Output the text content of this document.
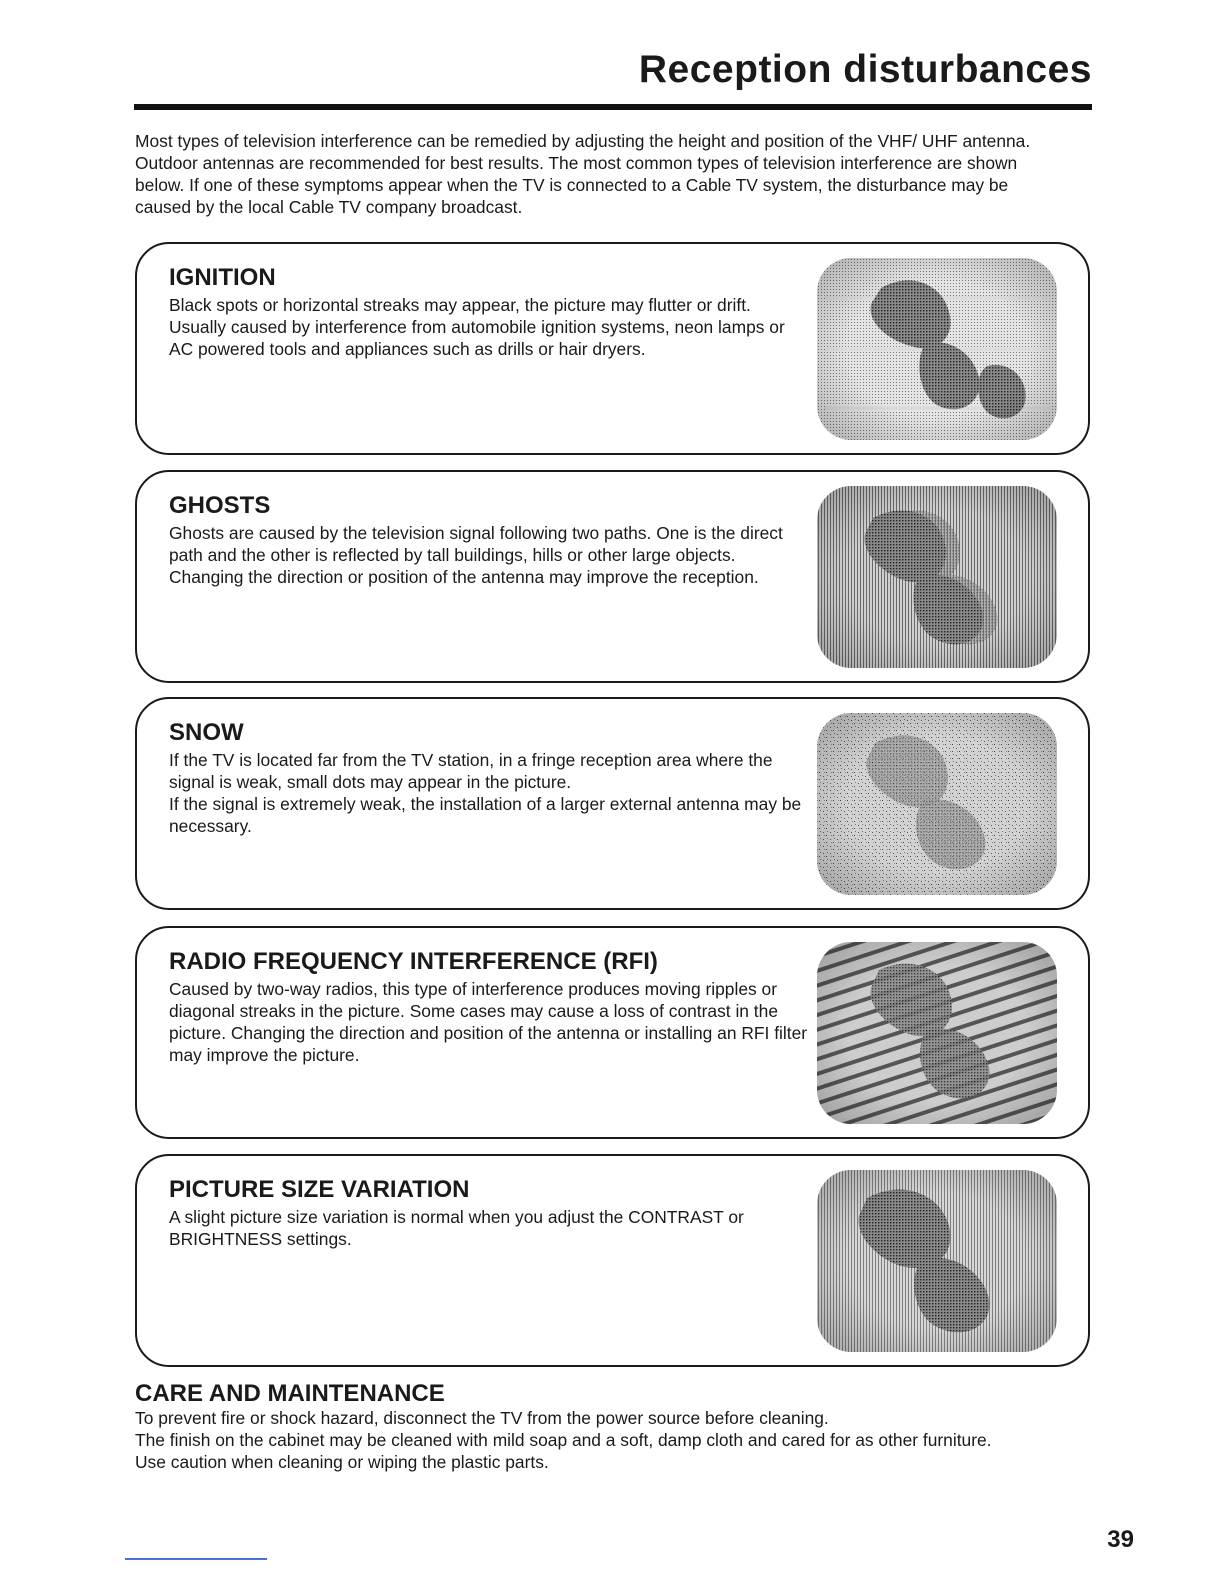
Reception disturbances

Most types of television interference can be remedied by adjusting the height and position of the VHF/ UHF antenna. Outdoor antennas are recommended for best results. The most common types of television interference are shown below. If one of these symptoms appear when the TV is connected to a Cable TV system, the disturbance may be caused by the local Cable TV company broadcast.

IGNITION

Black spots or horizontal streaks may appear, the picture may flutter or drift. Usually caused by interference from automobile ignition systems, neon lamps or AC powered tools and appliances such as drills or hair dryers.

GHOSTS

Ghosts are caused by the television signal following two paths. One is the direct path and the other is reflected by tall buildings, hills or other large objects. Changing the direction or position of the antenna may improve the reception.

SNOW

If the TV is located far from the TV station, in a fringe reception area where the signal is weak, small dots may appear in the picture.
If the signal is extremely weak, the installation of a larger external antenna may be necessary.

RADIO FREQUENCY INTERFERENCE (RFI)

Caused by two-way radios, this type of interference produces moving ripples or diagonal streaks in the picture. Some cases may cause a loss of contrast in the picture. Changing the direction and position of the antenna or installing an RFI filter may improve the picture.

PICTURE SIZE VARIATION

A slight picture size variation is normal when you adjust the CONTRAST or BRIGHTNESS settings.

CARE AND MAINTENANCE

To prevent fire or shock hazard, disconnect the TV from the power source before cleaning.
The finish on the cabinet may be cleaned with mild soap and a soft, damp cloth and cared for as other furniture.
Use caution when cleaning or wiping the plastic parts.

39
